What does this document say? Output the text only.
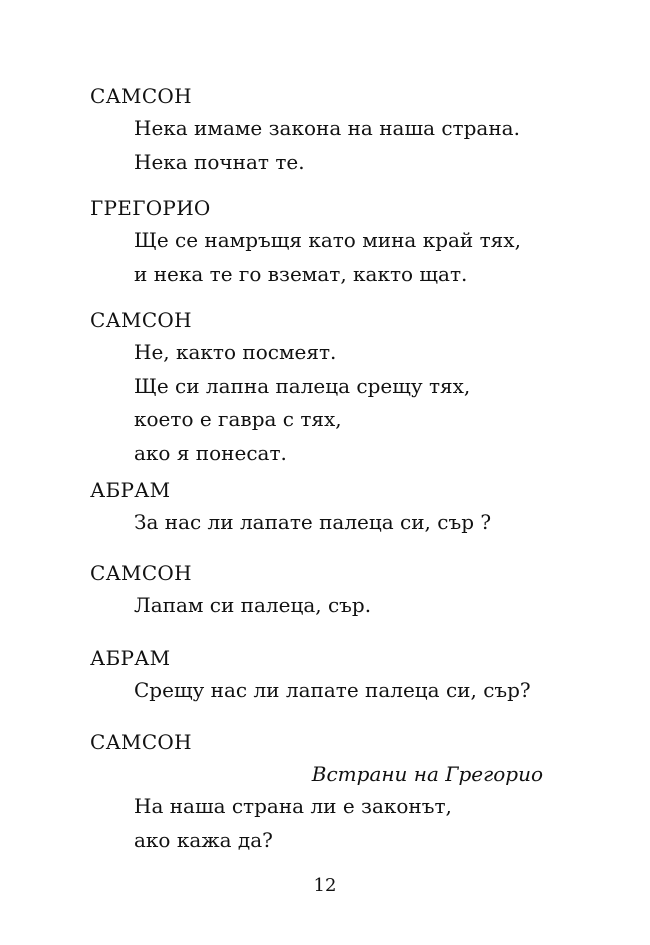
САМСОН
Нека имаме закона на наша страна.
Нека почнат те.
ГРЕГОРИО
Ще се намръщя като мина край тях,
и нека те го вземат, както щат.
САМСОН
Не, както посмеят.
Ще си лапна палеца срещу тях,
което е гавра с тях,
ако я понесат.
АБРАМ
За нас ли лапате палеца си, сър ?
САМСОН
Лапам си палеца, сър.
АБРАМ
Срещу нас ли лапате палеца си, сър?
САМСОН
Встрани на Грегорио
На наша страна ли е законът,
ако кажа да?
12
